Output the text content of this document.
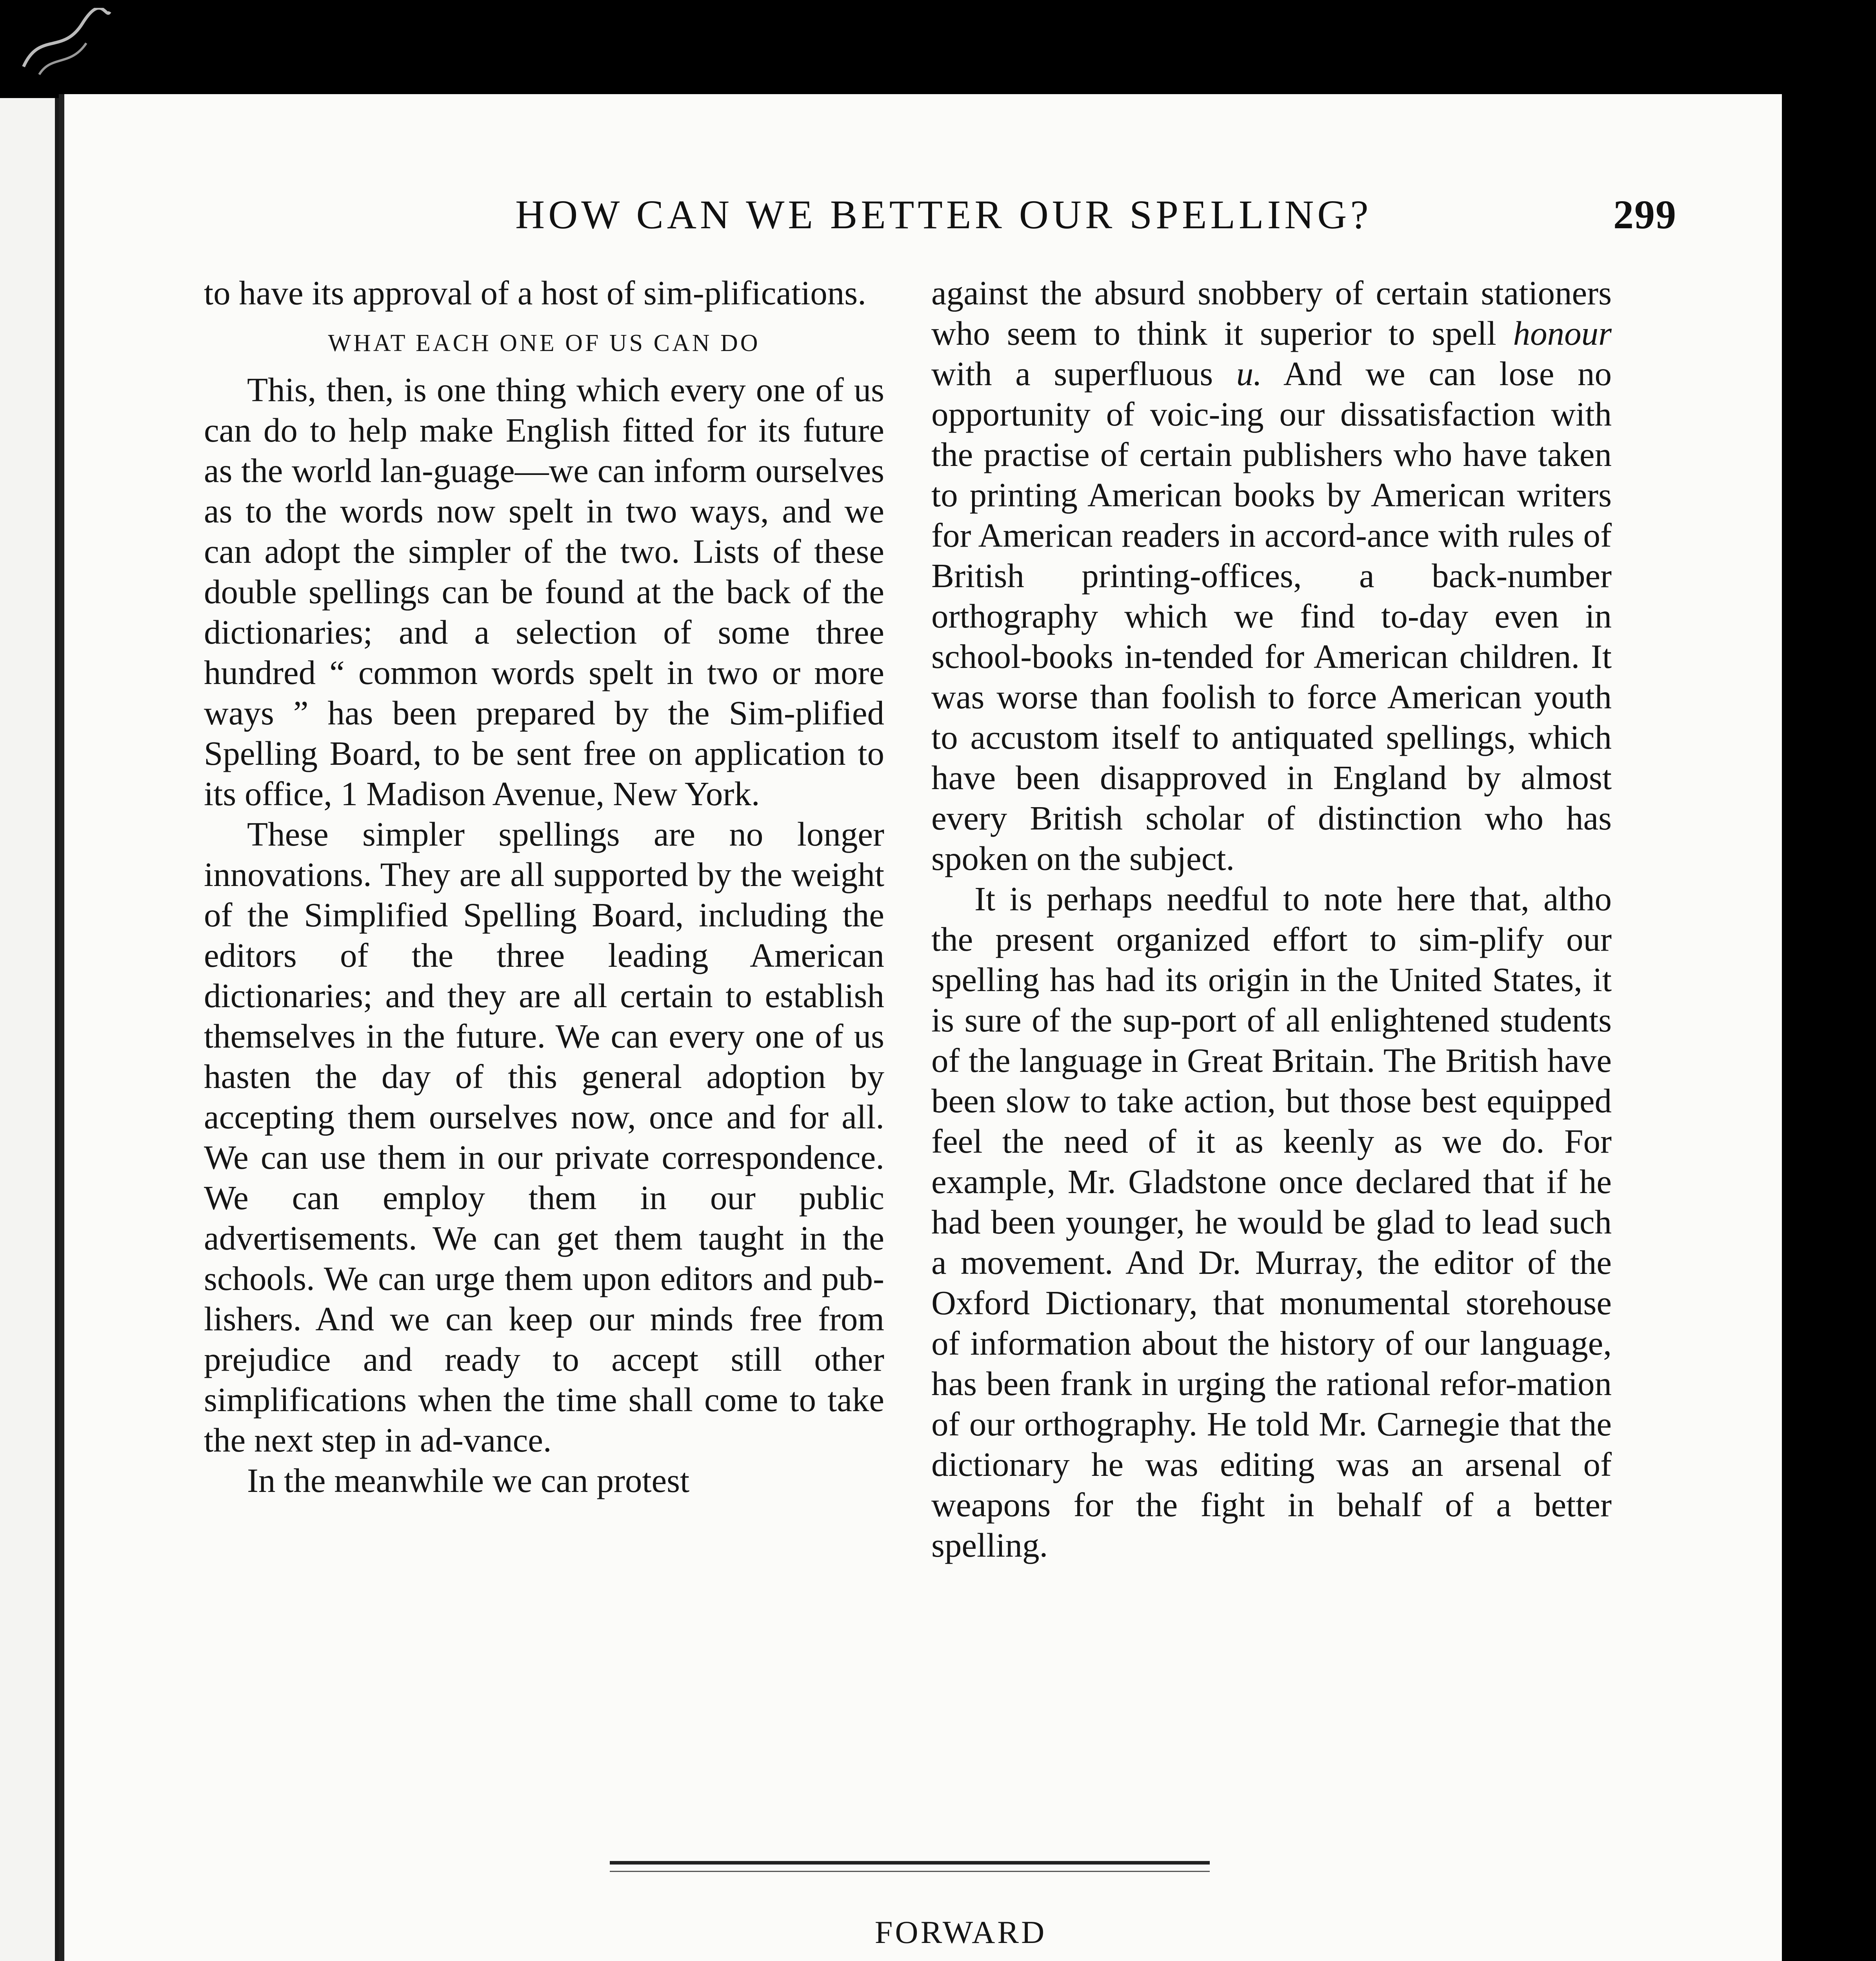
HOW CAN WE BETTER OUR SPELLING?	299

to have its approval of a host of sim-plifications.

WHAT EACH ONE OF US CAN DO

This, then, is one thing which every one of us can do to help make English fitted for its future as the world lan-guage—we can inform ourselves as to the words now spelt in two ways, and we can adopt the simpler of the two. Lists of these double spellings can be found at the back of the dictionaries; and a selection of some three hundred “ common words spelt in two or more ways ” has been prepared by the Sim-plified Spelling Board, to be sent free on application to its office, 1 Madison Avenue, New York.

These simpler spellings are no longer innovations. They are all supported by the weight of the Simplified Spelling Board, including the editors of the three leading American dictionaries; and they are all certain to establish themselves in the future. We can every one of us hasten the day of this general adoption by accepting them ourselves now, once and for all. We can use them in our private correspondence. We can employ them in our public advertisements. We can get them taught in the schools. We can urge them upon editors and pub-lishers. And we can keep our minds free from prejudice and ready to accept still other simplifications when the time shall come to take the next step in ad-vance.

In the meanwhile we can protest

against the absurd snobbery of certain stationers who seem to think it superior to spell honour with a superfluous u. And we can lose no opportunity of voic-ing our dissatisfaction with the practise of certain publishers who have taken to printing American books by American writers for American readers in accord-ance with rules of British printing-offices, a back-number orthography which we find to-day even in school-books in-tended for American children. It was worse than foolish to force American youth to accustom itself to antiquated spellings, which have been disapproved in England by almost every British scholar of distinction who has spoken on the subject.

It is perhaps needful to note here that, altho the present organized effort to sim-plify our spelling has had its origin in the United States, it is sure of the sup-port of all enlightened students of the language in Great Britain. The British have been slow to take action, but those best equipped feel the need of it as keenly as we do. For example, Mr. Gladstone once declared that if he had been younger, he would be glad to lead such a movement. And Dr. Murray, the editor of the Oxford Dictionary, that monumental storehouse of information about the history of our language, has been frank in urging the rational refor-mation of our orthography. He told Mr. Carnegie that the dictionary he was editing was an arsenal of weapons for the fight in behalf of a better spelling.

FORWARD
